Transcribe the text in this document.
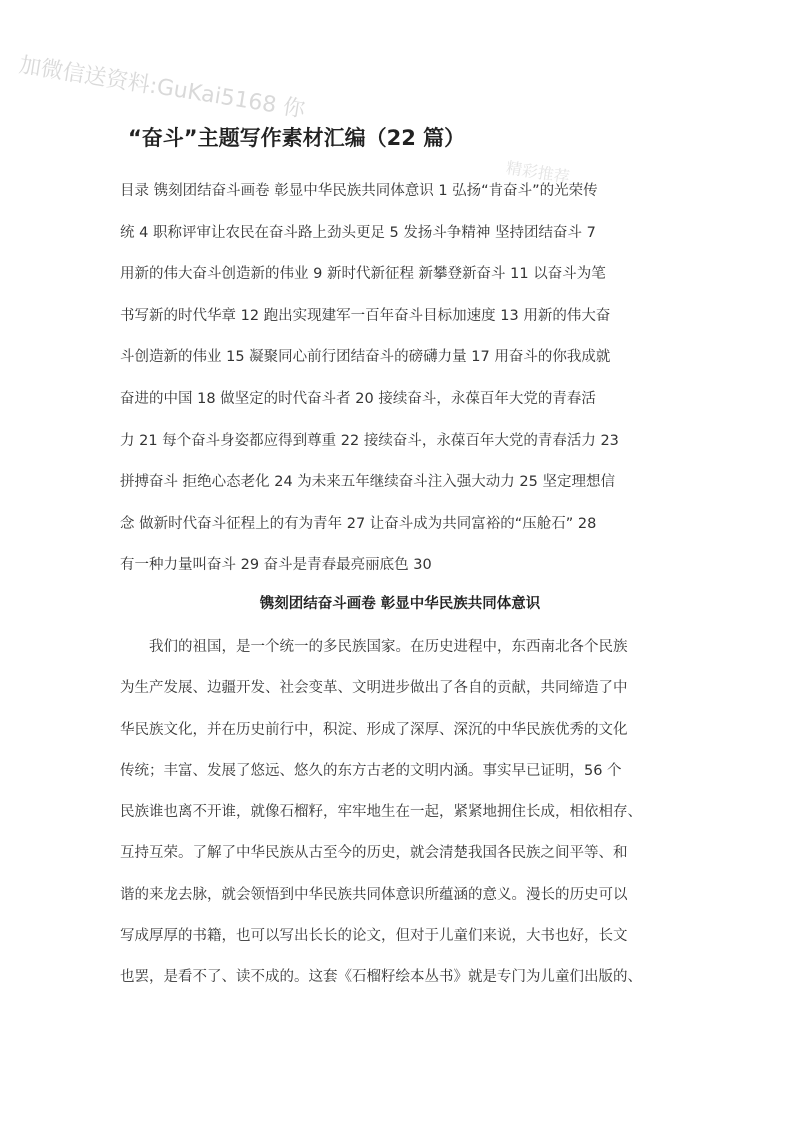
加微信送资料:GuKai5168 你
精彩推荐
“奋斗”主题写作素材汇编（22 篇）
目录 镌刻团结奋斗画卷 彰显中华民族共同体意识 1 弘扬“肯奋斗”的光荣传
统 4 职称评审让农民在奋斗路上劲头更足 5 发扬斗争精神 坚持团结奋斗 7
用新的伟大奋斗创造新的伟业 9 新时代新征程 新攀登新奋斗 11 以奋斗为笔
书写新的时代华章 12 跑出实现建军一百年奋斗目标加速度 13 用新的伟大奋
斗创造新的伟业 15 凝聚同心前行团结奋斗的磅礴力量 17 用奋斗的你我成就
奋进的中国 18 做坚定的时代奋斗者 20 接续奋斗，永葆百年大党的青春活
力 21 每个奋斗身姿都应得到尊重 22 接续奋斗，永葆百年大党的青春活力 23
拼搏奋斗 拒绝心态老化 24 为未来五年继续奋斗注入强大动力 25 坚定理想信
念 做新时代奋斗征程上的有为青年 27 让奋斗成为共同富裕的“压舱石” 28
有一种力量叫奋斗 29 奋斗是青春最亮丽底色 30
镌刻团结奋斗画卷 彰显中华民族共同体意识
我们的祖国，是一个统一的多民族国家。在历史进程中，东西南北各个民族
为生产发展、边疆开发、社会变革、文明进步做出了各自的贡献，共同缔造了中
华民族文化，并在历史前行中，积淀、形成了深厚、深沉的中华民族优秀的文化
传统；丰富、发展了悠远、悠久的东方古老的文明内涵。事实早已证明，56 个
民族谁也离不开谁，就像石榴籽，牢牢地生在一起，紧紧地拥住长成，相依相存、
互持互荣。了解了中华民族从古至今的历史，就会清楚我国各民族之间平等、和
谐的来龙去脉，就会领悟到中华民族共同体意识所蕴涵的意义。漫长的历史可以
写成厚厚的书籍，也可以写出长长的论文，但对于儿童们来说，大书也好，长文
也罢，是看不了、读不成的。这套《石榴籽绘本丛书》就是专门为儿童们出版的、
